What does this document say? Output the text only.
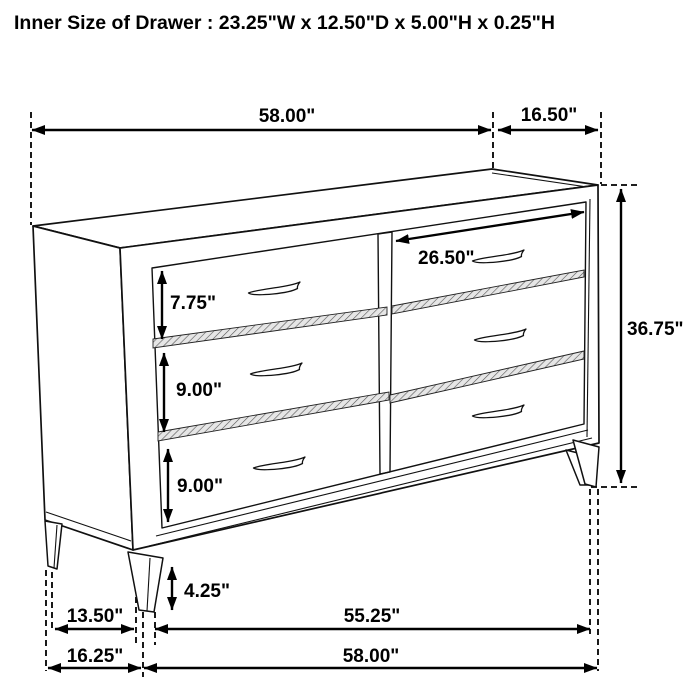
Inner Size of Drawer : 23.25"W x 12.50"D x 5.00"H x 0.25"H
58.00"	16.50"
26.50"
7.75"
9.00"
9.00"
4.25"
36.75"
13.50"	55.25"
16.25"	58.00"
